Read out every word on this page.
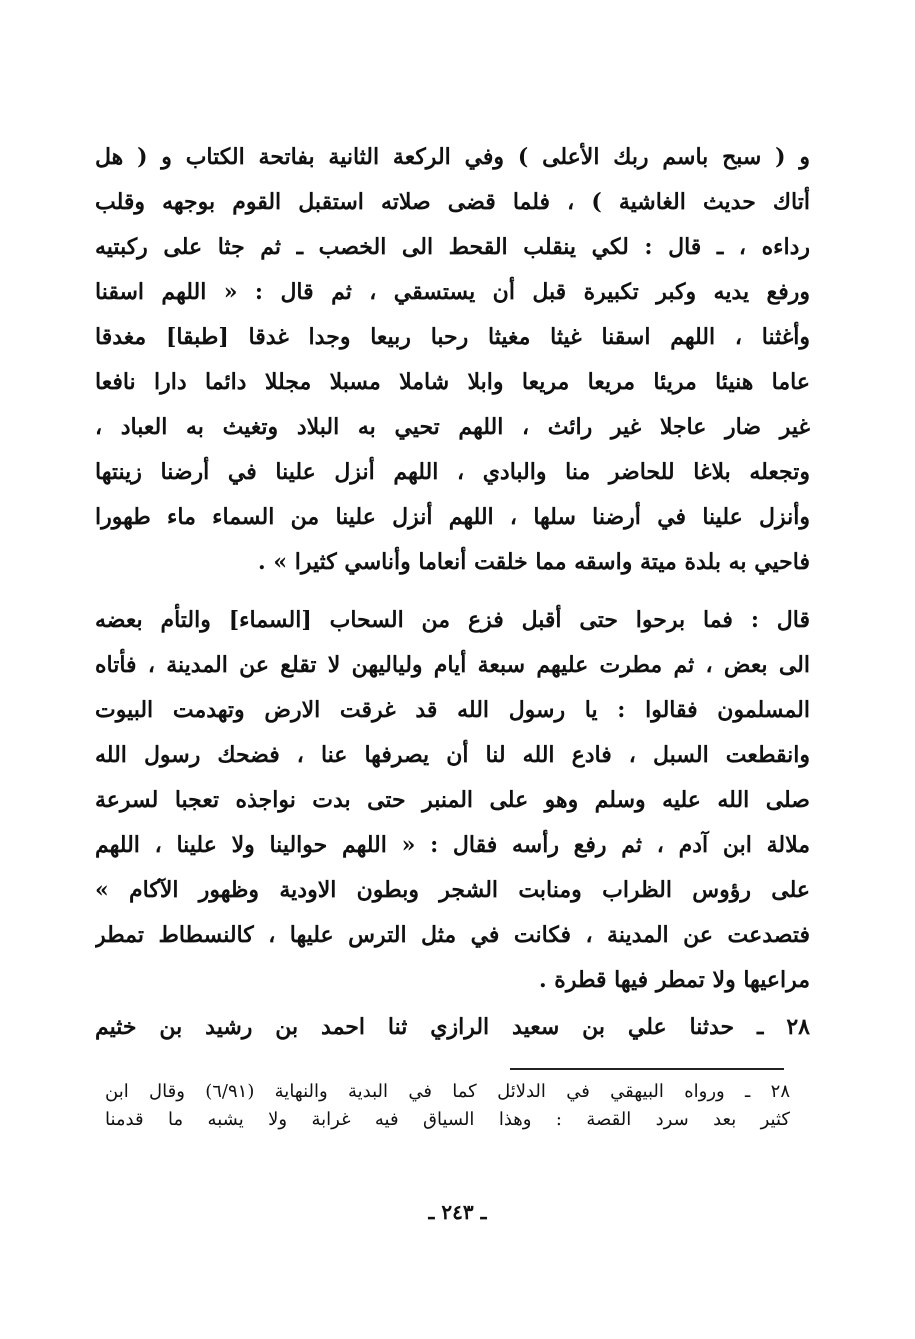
و ( سبح باسم ربك الأعلى ) وفي الركعة الثانية بفاتحة الكتاب و ( هل
أتاك حديث الغاشية ) ، فلما قضى صلاته استقبل القوم بوجهه وقلب
رداءه ، ـ قال : لكي ينقلب القحط الى الخصب ـ ثم جثا على ركبتيه
ورفع يديه وكبر تكبيرة قبل أن يستسقي ، ثم قال : « اللهم اسقنا
وأغثنا ، اللهم اسقنا غيثا مغيثا رحبا ربيعا وجدا غدقا [طبقا] مغدقا
عاما هنيئا مريئا مريعا مريعا وابلا شاملا مسبلا مجللا دائما دارا نافعا
غير ضار عاجلا غير رائث ، اللهم تحيي به البلاد وتغيث به العباد ،
وتجعله بلاغا للحاضر منا والبادي ، اللهم أنزل علينا في أرضنا زينتها
وأنزل علينا في أرضنا سلها ، اللهم أنزل علينا من السماء ماء طهورا
فاحيي به بلدة ميتة واسقه مما خلقت أنعاما وأناسي كثيرا » .
قال : فما برحوا حتى أقبل فزع من السحاب [السماء] والتأم بعضه
الى بعض ، ثم مطرت عليهم سبعة أيام ولياليهن لا تقلع عن المدينة ، فأتاه
المسلمون فقالوا : يا رسول الله قد غرقت الارض وتهدمت البيوت
وانقطعت السبل ، فادع الله لنا أن يصرفها عنا ، فضحك رسول الله
صلى الله عليه وسلم وهو على المنبر حتى بدت نواجذه تعجبا لسرعة
ملالة ابن آدم ، ثم رفع رأسه فقال : « اللهم حوالينا ولا علينا ، اللهم
على رؤوس الظراب ومنابت الشجر وبطون الاودية وظهور الآكام »
فتصدعت عن المدينة ، فكانت في مثل الترس عليها ، كالنسطاط تمطر
مراعيها ولا تمطر فيها قطرة .
٢٨ ـ حدثنا علي بن سعيد الرازي ثنا احمد بن رشيد بن خثيم
٢٨ ـ ورواه البيهقي في الدلائل كما في البدية والنهاية (٦/٩١) وقال ابن
كثير بعد سرد القصة : وهذا السياق فيه غرابة ولا يشبه ما قدمنا
ـ ٢٤٣ ـ
